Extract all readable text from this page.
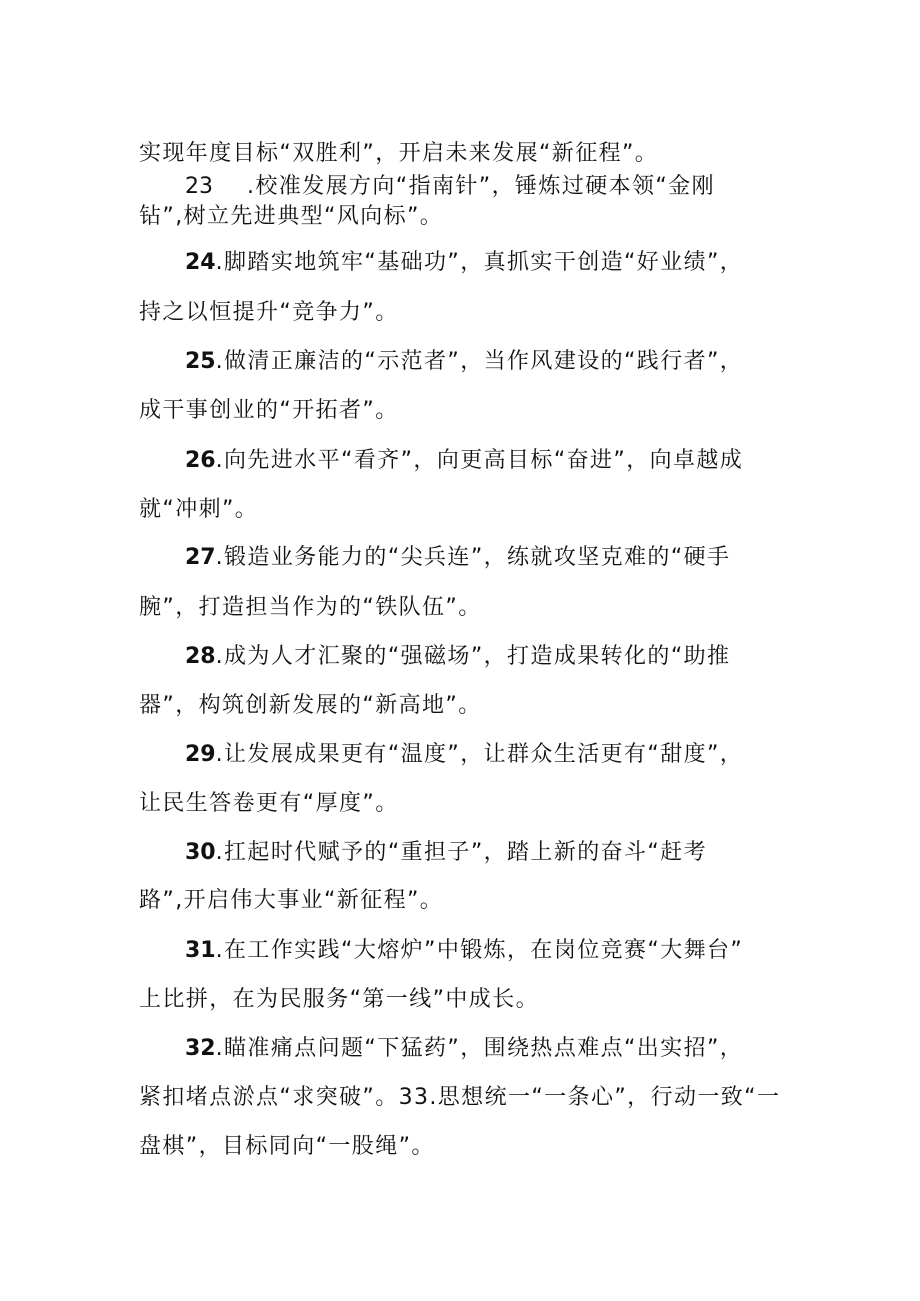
实现年度目标“双胜利”，开启未来发展“新征程”。
23 .校准发展方向“指南针”，锤炼过硬本领“金刚
钻”,树立先进典型“风向标”。
24.脚踏实地筑牢“基础功”，真抓实干创造“好业绩”，
持之以恒提升“竞争力”。
25.做清正廉洁的“示范者”，当作风建设的“践行者”，
成干事创业的“开拓者”。
26.向先进水平“看齐”，向更高目标“奋进”，向卓越成
就“冲刺”。
27.锻造业务能力的“尖兵连”，练就攻坚克难的“硬手
腕”，打造担当作为的“铁队伍”。
28.成为人才汇聚的“强磁场”，打造成果转化的“助推
器”，构筑创新发展的“新高地”。
29.让发展成果更有“温度”，让群众生活更有“甜度”，
让民生答卷更有“厚度”。
30.扛起时代赋予的“重担子”，踏上新的奋斗“赶考
路”,开启伟大事业“新征程”。
31.在工作实践“大熔炉”中锻炼，在岗位竞赛“大舞台”
上比拼，在为民服务“第一线”中成长。
32.瞄准痛点问题“下猛药”，围绕热点难点“出实招”，
紧扣堵点淤点“求突破”。33.思想统一“一条心”，行动一致“一
盘棋”，目标同向“一股绳”。
